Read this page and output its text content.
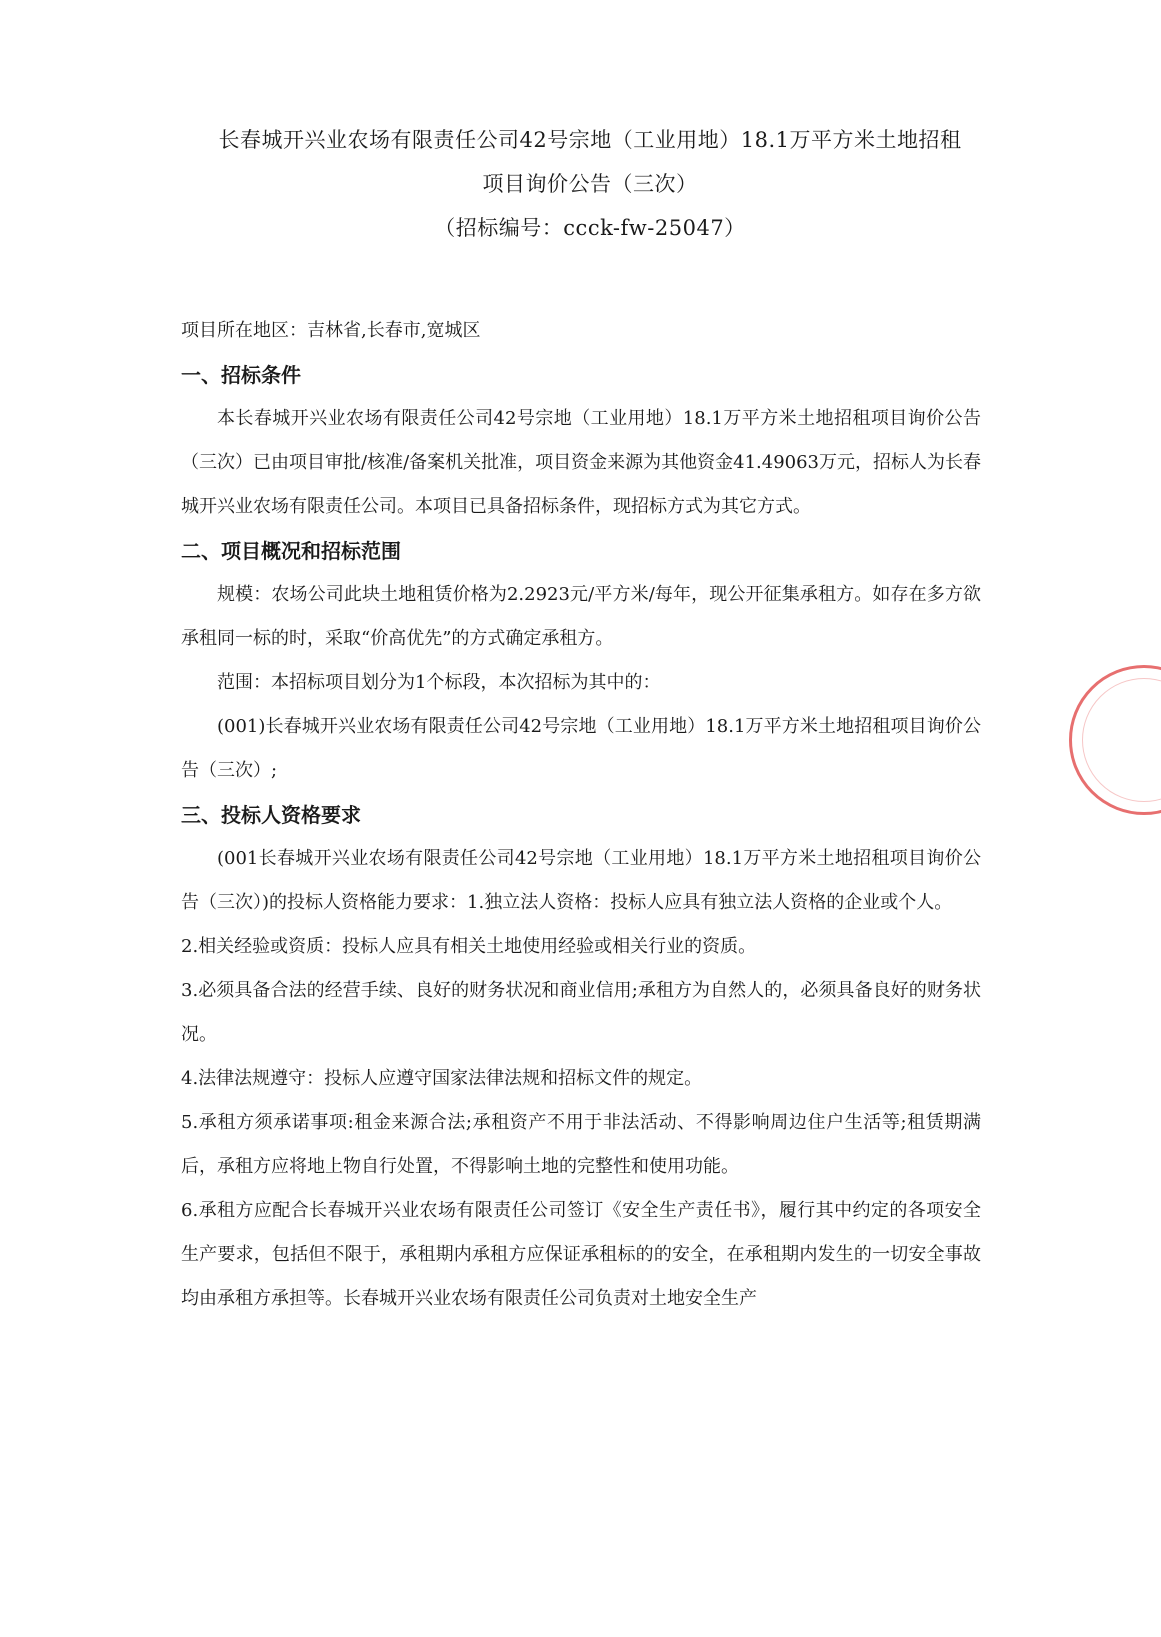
长春城开兴业农场有限责任公司42号宗地（工业用地）18.1万平方米土地招租

项目询价公告（三次）

（招标编号：ccck-fw-25047）

项目所在地区：吉林省,长春市,宽城区

一、招标条件

本长春城开兴业农场有限责任公司42号宗地（工业用地）18.1万平方米土地招租项目询价公告（三次）已由项目审批/核准/备案机关批准，项目资金来源为其他资金41.49063万元，招标人为长春城开兴业农场有限责任公司。本项目已具备招标条件，现招标方式为其它方式。

二、项目概况和招标范围

规模：农场公司此块土地租赁价格为2.2923元/平方米/每年，现公开征集承租方。如存在多方欲承租同一标的时，采取“价高优先”的方式确定承租方。

范围：本招标项目划分为1个标段，本次招标为其中的：

(001)长春城开兴业农场有限责任公司42号宗地（工业用地）18.1万平方米土地招租项目询价公告（三次）;

三、投标人资格要求

(001长春城开兴业农场有限责任公司42号宗地（工业用地）18.1万平方米土地招租项目询价公告（三次）)的投标人资格能力要求：1.独立法人资格：投标人应具有独立法人资格的企业或个人。

2.相关经验或资质：投标人应具有相关土地使用经验或相关行业的资质。

3.必须具备合法的经营手续、良好的财务状况和商业信用;承租方为自然人的，必须具备良好的财务状况。

4.法律法规遵守：投标人应遵守国家法律法规和招标文件的规定。

5.承租方须承诺事项:租金来源合法;承租资产不用于非法活动、不得影响周边住户生活等;租赁期满后，承租方应将地上物自行处置，不得影响土地的完整性和使用功能。

6.承租方应配合长春城开兴业农场有限责任公司签订《安全生产责任书》，履行其中约定的各项安全生产要求，包括但不限于，承租期内承租方应保证承租标的的安全，在承租期内发生的一切安全事故均由承租方承担等。长春城开兴业农场有限责任公司负责对土地安全生产
